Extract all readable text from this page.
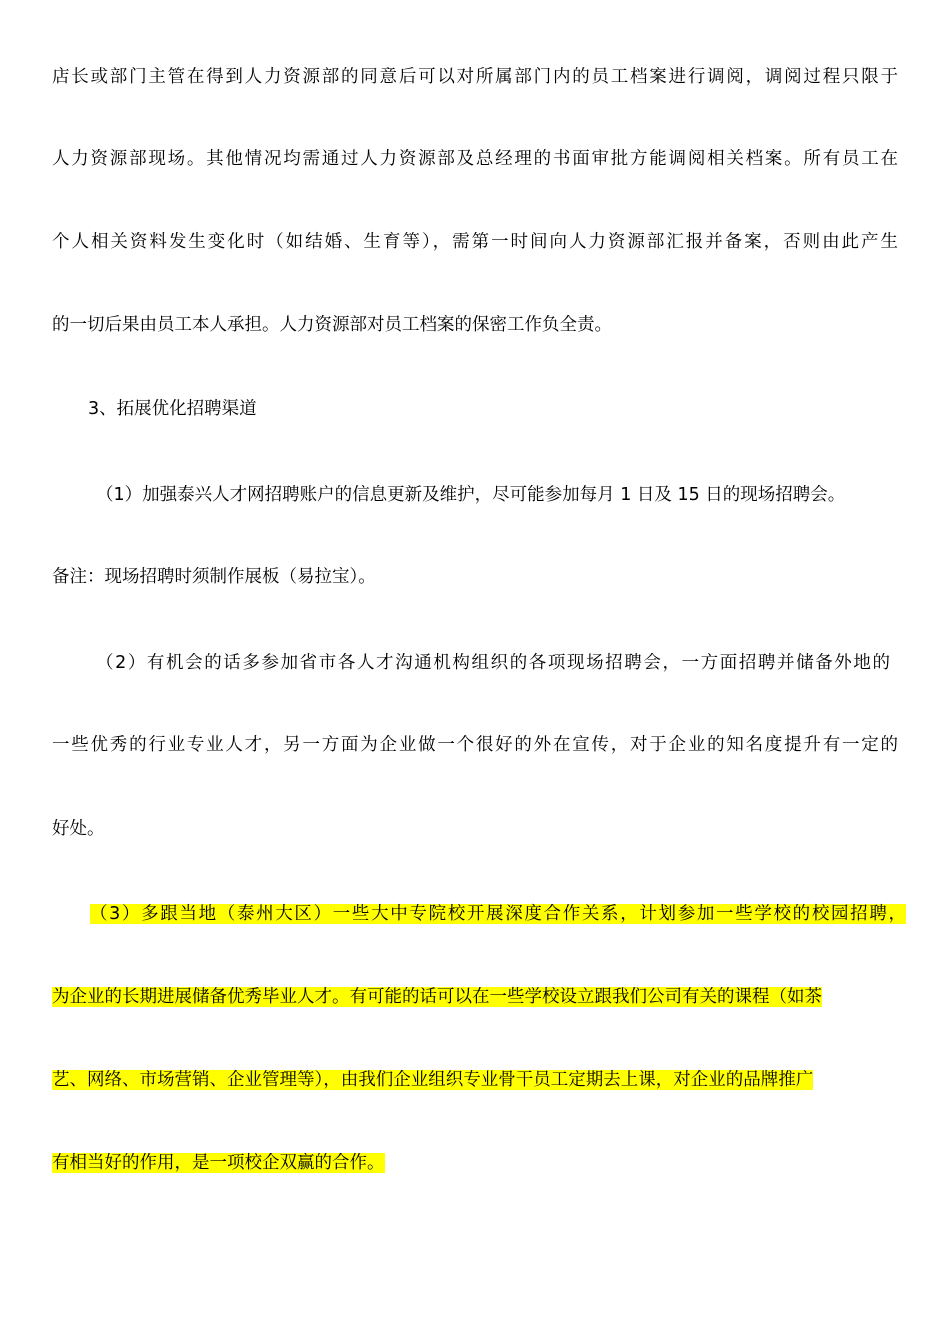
店长或部门主管在得到人力资源部的同意后可以对所属部门内的员工档案进行调阅，调阅过程只限于
人力资源部现场。其他情况均需通过人力资源部及总经理的书面审批方能调阅相关档案。所有员工在
个人相关资料发生变化时（如结婚、生育等），需第一时间向人力资源部汇报并备案，否则由此产生
的一切后果由员工本人承担。人力资源部对员工档案的保密工作负全责。
3、拓展优化招聘渠道
（1）加强泰兴人才网招聘账户的信息更新及维护，尽可能参加每月 1 日及 15 日的现场招聘会。
备注：现场招聘时须制作展板（易拉宝）。
（2）有机会的话多参加省市各人才沟通机构组织的各项现场招聘会，一方面招聘并储备外地的
一些优秀的行业专业人才，另一方面为企业做一个很好的外在宣传，对于企业的知名度提升有一定的
好处。
（3）多跟当地（泰州大区）一些大中专院校开展深度合作关系，计划参加一些学校的校园招聘，
为企业的长期进展储备优秀毕业人才。有可能的话可以在一些学校设立跟我们公司有关的课程（如茶
艺、网络、市场营销、企业管理等），由我们企业组织专业骨干员工定期去上课，对企业的品牌推广
有相当好的作用，是一项校企双赢的合作。
